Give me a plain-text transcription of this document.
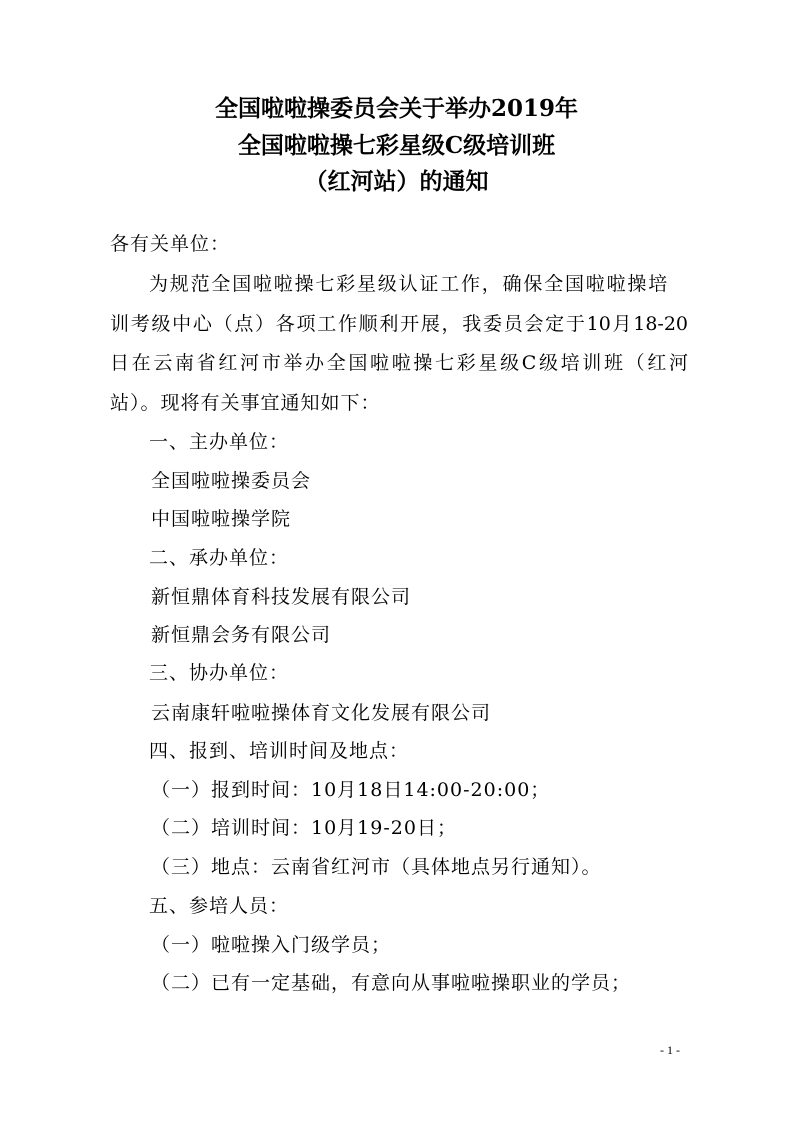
全国啦啦操委员会关于举办2019年
全国啦啦操七彩星级C级培训班
（红河站）的通知
各有关单位：
为规范全国啦啦操七彩星级认证工作，确保全国啦啦操培
训考级中心（点）各项工作顺利开展，我委员会定于10月18-20
日在云南省红河市举办全国啦啦操七彩星级C级培训班（红河
站）。现将有关事宜通知如下：
一、主办单位：
全国啦啦操委员会
中国啦啦操学院
二、承办单位：
新恒鼎体育科技发展有限公司
新恒鼎会务有限公司
三、协办单位：
云南康轩啦啦操体育文化发展有限公司
四、报到、培训时间及地点：
（一）报到时间：10月18日14:00-20:00；
（二）培训时间：10月19-20日；
（三）地点：云南省红河市（具体地点另行通知）。
五、参培人员：
（一）啦啦操入门级学员；
（二）已有一定基础，有意向从事啦啦操职业的学员；
- 1 -
